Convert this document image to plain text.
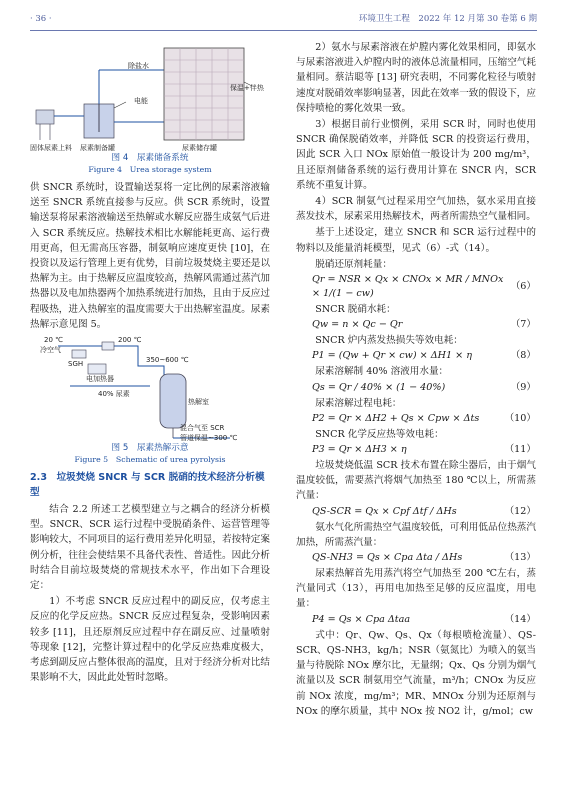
· 36 ·	环境卫生工程　2022 年 12 月第 30 卷第 6 期
除盐水
电能
保温+伴热
固体尿素上料 尿素制备罐	尿素储存罐
图 4　尿素储备系统
Figure 4　Urea storage system

供 SNCR 系统时，设置输送泵将一定比例的尿素溶液输送至 SNCR 系统直接参与反应。供 SCR 系统时，设置输送泵将尿素溶液输送至热解或水解反应器生成氨气后进入 SCR 系统反应。热解技术相比水解能耗更高、运行费用更高，但无需高压容器，制氨响应速度更快 [10]，在投资以及运行管理上更有优势，目前垃圾焚烧主要还是以热解为主。由于热解反应温度较高，热解风需通过蒸汽加热器以及电加热器两个加热系统进行加热，且由于反应过程吸热，进入热解室的温度需要大于出热解室温度。尿素热解示意见图 5。

20 ℃
冷空气
SGH
200 ℃
电加热器
350~600 ℃
40% 尿素
热解室
混合气至 SCR
管道保温~300 ℃
图 5　尿素热解示意
Figure 5　Schematic of urea pyrolysis
2.3　垃圾焚烧 SNCR 与 SCR 脱硝的技术经济分析模型

结合 2.2 所述工艺模型建立与之耦合的经济分析模型。SNCR、SCR 运行过程中受脱硝条件、运营管理等影响较大，不同项目的运行费用差异化明显，若按特定案例分析，往往会使结果不具备代表性、普适性。因此分析时结合目前垃圾焚烧的常规技术水平，作出如下合理设定：

1）不考虑 SNCR 反应过程中的副反应，仅考虑主反应的化学反应热。SNCR 反应过程复杂，受影响因素较多 [11]，且还原剂反应过程中存在副反应、过量喷射等现象 [12]，完整计算过程中的化学反应热难度极大，考虑到副反应占整体很高的温度，且对于经济分析对比结果影响不大，因此此处暂时忽略。

2）氨水与尿素溶液在炉膛内雾化效果相同，即氨水与尿素溶液进入炉膛内时的液体总流量相同，压缩空气耗量相同。蔡洁聪等 [13] 研究表明，不同雾化粒径与喷射速度对脱硝效率影响显著，因此在效率一致的假设下，应保持喷枪的雾化效果一致。

3）根据目前行业惯例，采用 SCR 时，同时也使用 SNCR 确保脱硝效率，并降低 SCR 的投资运行费用，因此 SCR 入口 NOx 原始值一般设计为 200 mg/m³，且还原剂储备系统的运行费用计算在 SNCR 内，SCR 系统不重复计算。

4）SCR 制氨气过程采用空气加热，氨水采用直接蒸发技术，尿素采用热解技术，两者所需热空气量相同。

基于上述设定，建立 SNCR 和 SCR 运行过程中的物料以及能量消耗模型，见式（6）-式（14）。

脱硝还原剂耗量：
Qr = NSR × Qx × CNOx × MR / MNOx × 1/(1 − cw)
（6）
SNCR 脱硝水耗：
Qw = n × Qc − Qr	（7）
SNCR 炉内蒸发热损失等效电耗：
P1 = (Qw + Qr × cw) × ΔH1 × η	（8）
尿素溶解制 40% 溶液用水量：
Qs = Qr / 40% × (1 − 40%)	（9）
尿素溶解过程电耗：
P2 = Qr × ΔH2 + Qs × Cpw × Δts	（10）
SNCR 化学反应热等效电耗：
P3 = Qr × ΔH3 × η	（11）

垃圾焚烧低温 SCR 技术布置在除尘器后，由于烟气温度较低，需要蒸汽将烟气加热至 180 ℃以上，所需蒸汽量：

QS-SCR = Qx × Cpf Δtf / ΔHs	（12）

氨水气化所需热空气温度较低，可利用低品位热蒸汽加热，所需蒸汽量：

QS-NH3 = Qs × Cpa Δta / ΔHs	（13）

尿素热解首先用蒸汽将空气加热至 200 ℃左右，蒸汽量同式（13），再用电加热至足够的反应温度，用电量：

P4 = Qs × Cpa Δtaa	（14）

式中：Qr、Qw、Qs、Qx（每根喷枪流量）、QS-SCR、QS-NH3，kg/h；NSR（氨氮比）为喷入的氨当量与待脱除 NOx 摩尔比，无量纲；Qx、Qs 分别为烟气流量以及 SCR 制氨用空气流量，m³/h；CNOx 为反应前 NOx 浓度，mg/m³；MR、MNOx 分别为还原剂与 NOx 的摩尔质量，其中 NOx 按 NO2 计，g/mol；cw
